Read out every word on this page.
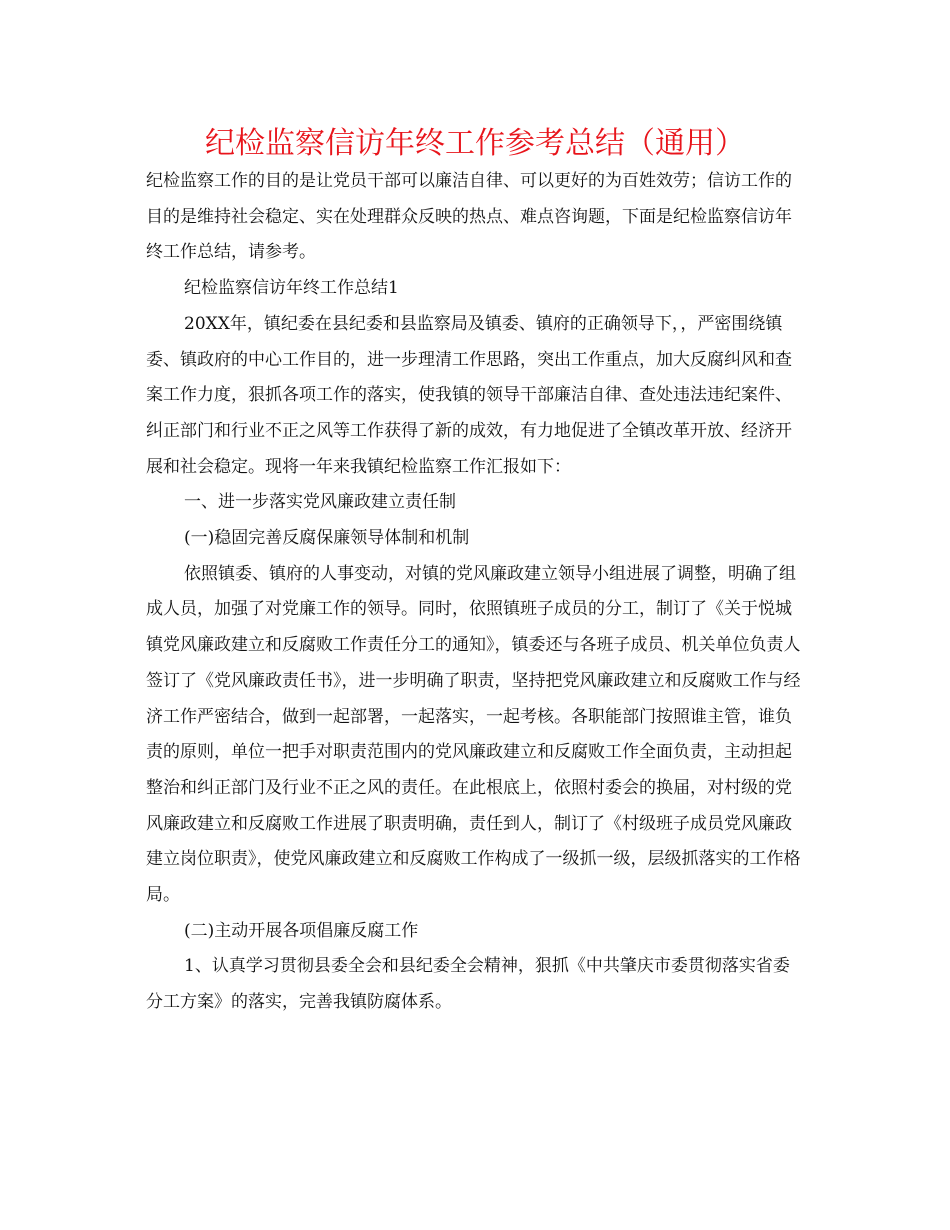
纪检监察信访年终工作参考总结（通用）

纪检监察工作的目的是让党员干部可以廉洁自律、可以更好的为百姓效劳；信访工作的目的是维持社会稳定、实在处理群众反映的热点、难点咨询题，下面是纪检监察信访年终工作总结，请参考。

纪检监察信访年终工作总结1

20XX年，镇纪委在县纪委和县监察局及镇委、镇府的正确领导下，，严密围绕镇委、镇政府的中心工作目的，进一步理清工作思路，突出工作重点，加大反腐纠风和查案工作力度，狠抓各项工作的落实，使我镇的领导干部廉洁自律、查处违法违纪案件、纠正部门和行业不正之风等工作获得了新的成效，有力地促进了全镇改革开放、经济开展和社会稳定。现将一年来我镇纪检监察工作汇报如下：

一、进一步落实党风廉政建立责任制

(一)稳固完善反腐保廉领导体制和机制

依照镇委、镇府的人事变动，对镇的党风廉政建立领导小组进展了调整，明确了组成人员，加强了对党廉工作的领导。同时，依照镇班子成员的分工，制订了《关于悦城镇党风廉政建立和反腐败工作责任分工的通知》，镇委还与各班子成员、机关单位负责人签订了《党风廉政责任书》，进一步明确了职责，坚持把党风廉政建立和反腐败工作与经济工作严密结合，做到一起部署，一起落实，一起考核。各职能部门按照谁主管，谁负责的原则，单位一把手对职责范围内的党风廉政建立和反腐败工作全面负责，主动担起整治和纠正部门及行业不正之风的责任。在此根底上，依照村委会的换届，对村级的党风廉政建立和反腐败工作进展了职责明确，责任到人，制订了《村级班子成员党风廉政建立岗位职责》，使党风廉政建立和反腐败工作构成了一级抓一级，层级抓落实的工作格局。

(二)主动开展各项倡廉反腐工作

1、认真学习贯彻县委全会和县纪委全会精神，狠抓《中共肇庆市委贯彻落实省委分工方案》的落实，完善我镇防腐体系。
